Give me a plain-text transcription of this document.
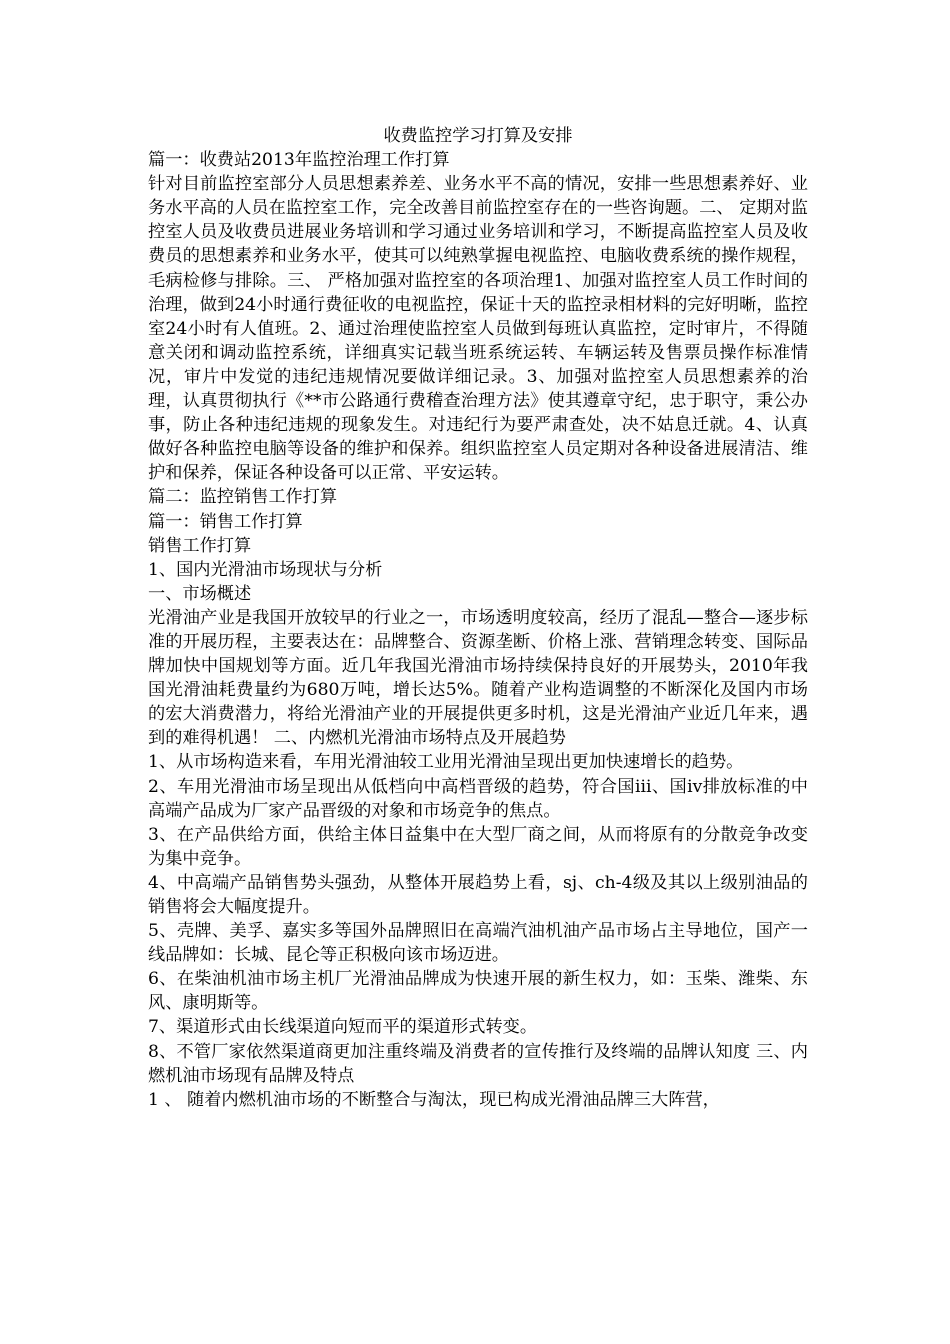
收费监控学习打算及安排

篇一：收费站2013年监控治理工作打算

针对目前监控室部分人员思想素养差、业务水平不高的情况，安排一些思想素养好、业务水平高的人员在监控室工作，完全改善目前监控室存在的一些咨询题。二、 定期对监控室人员及收费员进展业务培训和学习通过业务培训和学习，不断提高监控室人员及收费员的思想素养和业务水平，使其可以纯熟掌握电视监控、电脑收费系统的操作规程，毛病检修与排除。三、 严格加强对监控室的各项治理1、加强对监控室人员工作时间的治理，做到24小时通行费征收的电视监控，保证十天的监控录相材料的完好明晰，监控室24小时有人值班。2、通过治理使监控室人员做到每班认真监控，定时审片，不得随意关闭和调动监控系统，详细真实记载当班系统运转、车辆运转及售票员操作标准情况，审片中发觉的违纪违规情况要做详细记录。3、加强对监控室人员思想素养的治理，认真贯彻执行《**市公路通行费稽查治理方法》使其遵章守纪，忠于职守，秉公办事，防止各种违纪违规的现象发生。对违纪行为要严肃查处，决不姑息迁就。4、认真做好各种监控电脑等设备的维护和保养。组织监控室人员定期对各种设备进展清洁、维护和保养，保证各种设备可以正常、平安运转。

篇二：监控销售工作打算

篇一：销售工作打算

销售工作打算

1、国内光滑油市场现状与分析

一、市场概述

光滑油产业是我国开放较早的行业之一，市场透明度较高，经历了混乱—整合—逐步标准的开展历程，主要表达在：品牌整合、资源垄断、价格上涨、营销理念转变、国际品牌加快中国规划等方面。近几年我国光滑油市场持续保持良好的开展势头，2010年我国光滑油耗费量约为680万吨，增长达5%。随着产业构造调整的不断深化及国内市场的宏大消费潜力，将给光滑油产业的开展提供更多时机，这是光滑油产业近几年来，遇到的难得机遇！ 二、内燃机光滑油市场特点及开展趋势

1、从市场构造来看，车用光滑油较工业用光滑油呈现出更加快速增长的趋势。

2、车用光滑油市场呈现出从低档向中高档晋级的趋势，符合国iii、国iv排放标准的中高端产品成为厂家产品晋级的对象和市场竞争的焦点。

3、在产品供给方面，供给主体日益集中在大型厂商之间，从而将原有的分散竞争改变为集中竞争。

4、中高端产品销售势头强劲，从整体开展趋势上看，sj、ch-4级及其以上级别油品的销售将会大幅度提升。

5、壳牌、美孚、嘉实多等国外品牌照旧在高端汽油机油产品市场占主导地位，国产一线品牌如：长城、昆仑等正积极向该市场迈进。

6、在柴油机油市场主机厂光滑油品牌成为快速开展的新生权力，如：玉柴、潍柴、东风、康明斯等。

7、渠道形式由长线渠道向短而平的渠道形式转变。

8、不管厂家依然渠道商更加注重终端及消费者的宣传推行及终端的品牌认知度 三、内燃机油市场现有品牌及特点

1 、 随着内燃机油市场的不断整合与淘汰，现已构成光滑油品牌三大阵营，
